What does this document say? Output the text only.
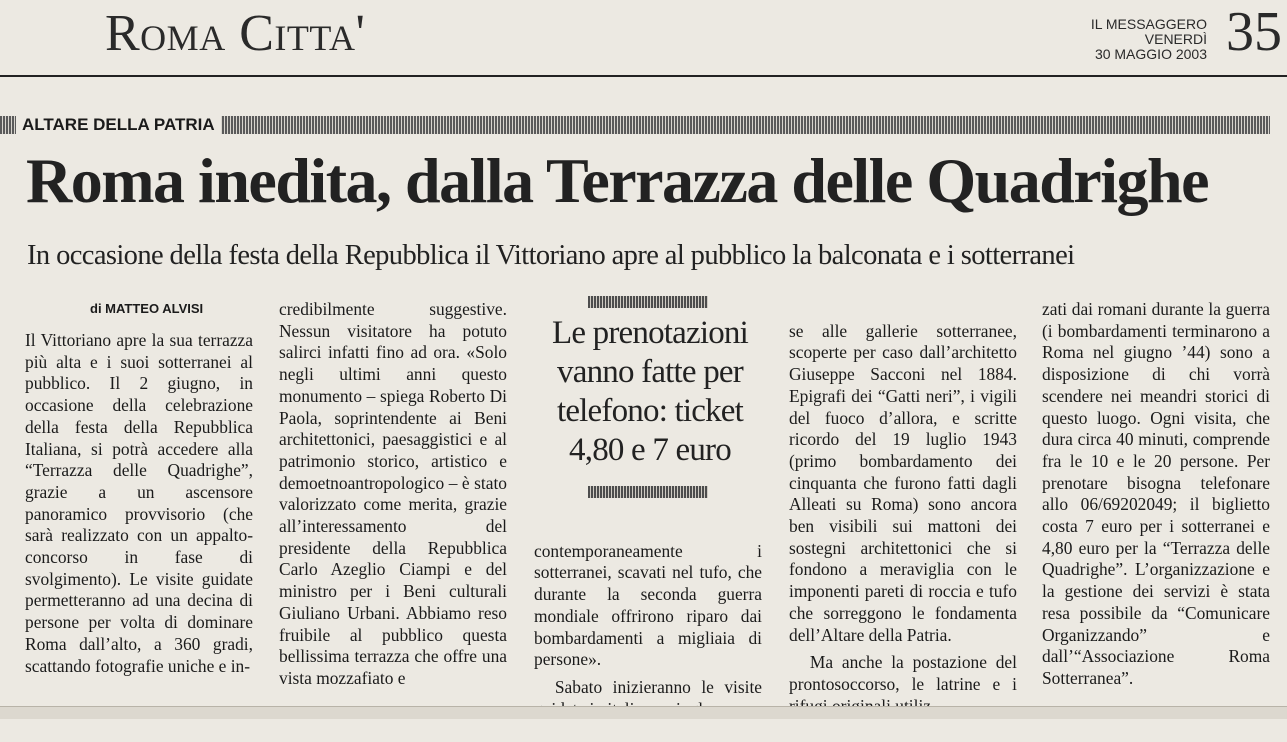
Roma Citta'	IL MESSAGGERO
VENERDÌ
30 MAGGIO 2003 35
ALTARE DELLA PATRIA
Roma inedita, dalla Terrazza delle Quadrighe
In occasione della festa della Repubblica il Vittoriano apre al pubblico la balconata e i sotterranei
di MATTEO ALVISI
Il Vittoriano apre la sua terrazza più alta e i suoi sotterranei al pubblico. Il 2 giugno, in occasione della celebrazione della festa della Repubblica Italiana, si potrà accedere alla “Terrazza delle Quadrighe”, grazie a un ascensore panoramico provvisorio (che sarà realizzato con un appalto-concorso in fase di svolgimento). Le visite guidate permetteranno ad una decina di persone per volta di dominare Roma dall’alto, a 360 gradi, scattando fotografie uniche e in-
credibilmente suggestive. Nessun visitatore ha potuto salirci infatti fino ad ora. «Solo negli ultimi anni questo monumento – spiega Roberto Di Paola, soprintendente ai Beni architettonici, paesaggistici e al patrimonio storico, artistico e demoetnoantropologico – è stato valorizzato come merita, grazie all’interessamento del presidente della Repubblica Carlo Azeglio Ciampi e del ministro per i Beni culturali Giuliano Urbani. Abbiamo reso fruibile al pubblico questa bellissima terrazza che offre una vista mozzafiato e
Le prenotazioni
vanno fatte per
telefono: ticket
4,80 e 7 euro

contemporaneamente i sotterranei, scavati nel tufo, che durante la seconda guerra mondiale offrirono riparo dai bombardamenti a migliaia di persone».

Sabato inizieranno le visite

se alle gallerie sotterranee, scoperte per caso dall’architetto Giuseppe Sacconi nel 1884. Epigrafi dei “Gatti neri”, i vigili del fuoco d’allora, e scritte ricordo del 19 luglio 1943 (primo bombardamento dei cinquanta che furono fatti dagli Alleati su Roma) sono ancora ben visibili sui mattoni dei sostegni architettonici che si fondono a meraviglia con le imponenti pareti di roccia e tufo che sorreggono le fondamenta dell’Altare della Patria.

Ma anche la postazione del prontosoccorso, le latrine e i

zati dai romani durante la guerra (i bombardamenti terminarono a Roma nel giugno ’44) sono a disposizione di chi vorrà scendere nei meandri storici di questo luogo. Ogni visita, che dura circa 40 minuti, comprende fra le 10 e le 20 persone. Per prenotare bisogna telefonare allo 06/69202049; il biglietto costa 7 euro per i sotterranei e 4,80 euro per la “Terrazza delle Quadrighe”. L’organizzazione e la gestione dei servizi è stata resa possibile da “Comunicare Organizzando” e dall’“Associazione Roma Sotterranea”.
